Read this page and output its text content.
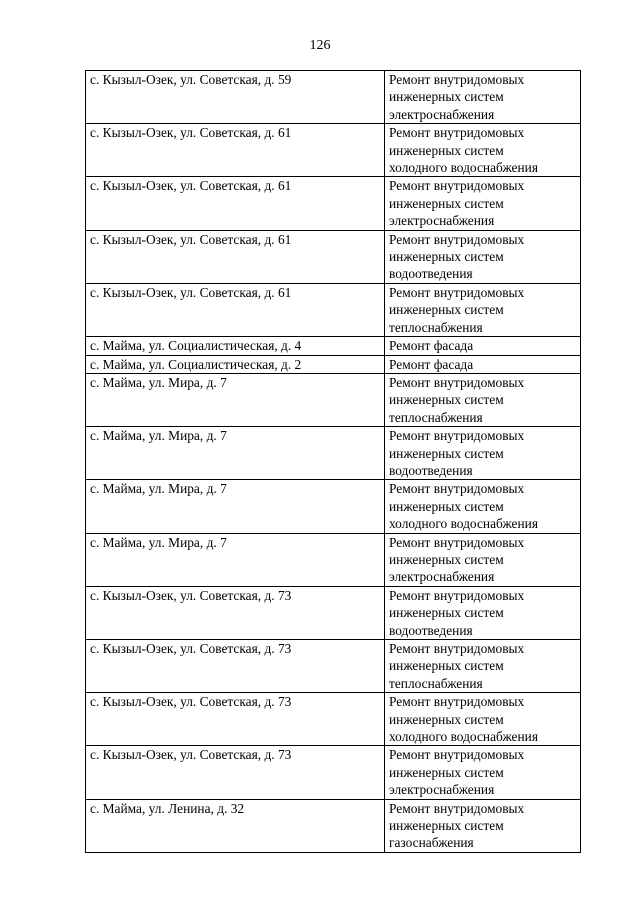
126
с. Кызыл-Озек, ул. Советская, д. 59	Ремонт внутридомовых
инженерных систем
электроснабжения

с. Кызыл-Озек, ул. Советская, д. 61	Ремонт внутридомовых
инженерных систем
холодного водоснабжения

с. Кызыл-Озек, ул. Советская, д. 61	Ремонт внутридомовых
инженерных систем
электроснабжения

с. Кызыл-Озек, ул. Советская, д. 61	Ремонт внутридомовых
инженерных систем
водоотведения

с. Кызыл-Озек, ул. Советская, д. 61	Ремонт внутридомовых
инженерных систем
теплоснабжения

с. Майма, ул. Социалистическая, д. 4	Ремонт фасада

с. Майма, ул. Социалистическая, д. 2	Ремонт фасада

с. Майма, ул. Мира, д. 7	Ремонт внутридомовых
инженерных систем
теплоснабжения

с. Майма, ул. Мира, д. 7	Ремонт внутридомовых
инженерных систем
водоотведения

с. Майма, ул. Мира, д. 7	Ремонт внутридомовых
инженерных систем
холодного водоснабжения

с. Майма, ул. Мира, д. 7	Ремонт внутридомовых
инженерных систем
электроснабжения

с. Кызыл-Озек, ул. Советская, д. 73	Ремонт внутридомовых
инженерных систем
водоотведения

с. Кызыл-Озек, ул. Советская, д. 73	Ремонт внутридомовых
инженерных систем
теплоснабжения

с. Кызыл-Озек, ул. Советская, д. 73	Ремонт внутридомовых
инженерных систем
холодного водоснабжения

с. Кызыл-Озек, ул. Советская, д. 73	Ремонт внутридомовых
инженерных систем
электроснабжения

с. Майма, ул. Ленина, д. 32	Ремонт внутридомовых
инженерных систем
газоснабжения
